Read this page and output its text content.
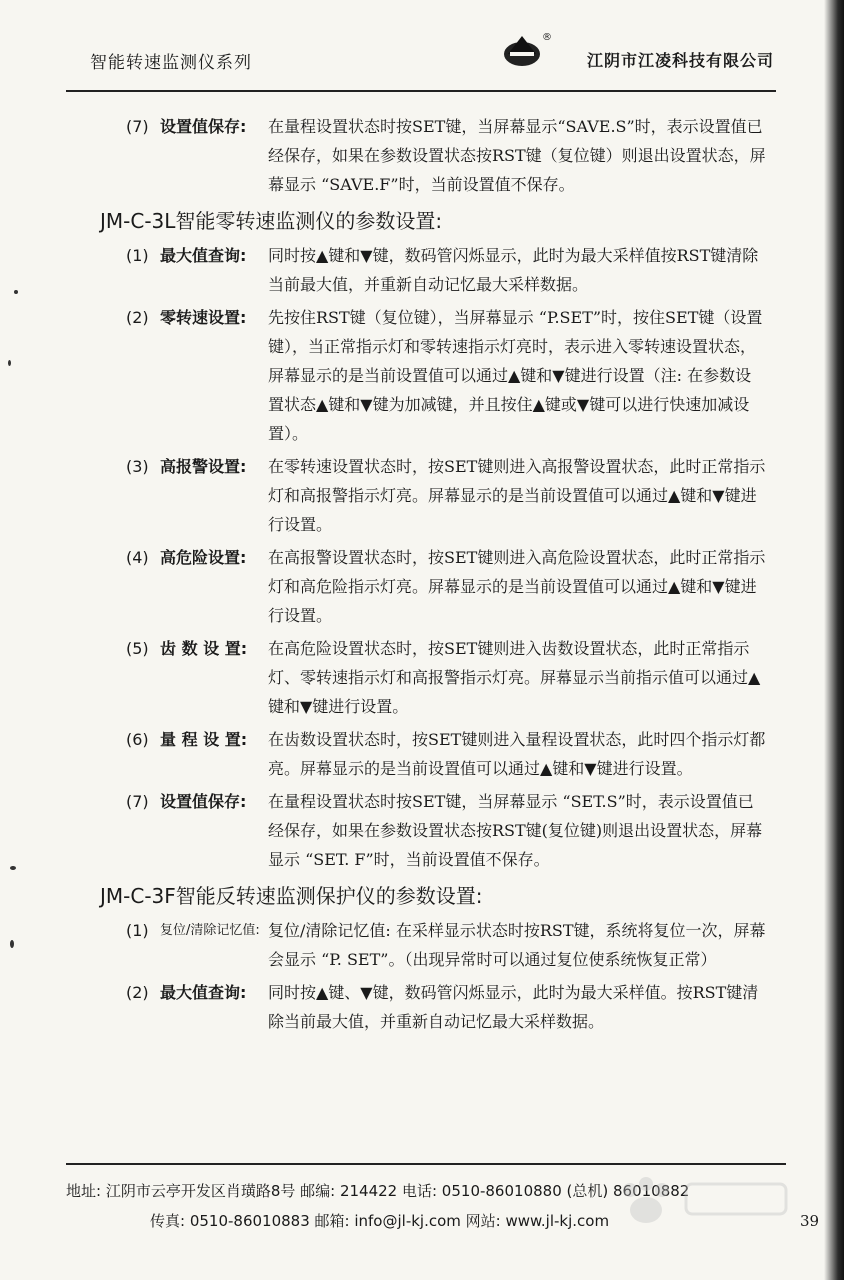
智能转速监测仪系列
®
江阴市江凌科技有限公司
(7) 设置值保存:	在量程设置状态时按SET键，当屏幕显示“SAVE.S”时，表示设置值已经保存，如果在参数设置状态按RST键（复位键）则退出设置状态，屏幕显示 “SAVE.F”时，当前设置值不保存。
JM-C-3L智能零转速监测仪的参数设置:
(1) 最大值查询:	同时按▲键和▼键，数码管闪烁显示，此时为最大采样值按RST键清除当前最大值，并重新自动记忆最大采样数据。
(2) 零转速设置:	先按住RST键（复位键），当屏幕显示 “P.SET”时，按住SET键（设置键），当正常指示灯和零转速指示灯亮时，表示进入零转速设置状态，屏幕显示的是当前设置值可以通过▲键和▼键进行设置（注: 在参数设置状态▲键和▼键为加减键，并且按住▲键或▼键可以进行快速加减设置）。
(3) 高报警设置:	在零转速设置状态时，按SET键则进入高报警设置状态，此时正常指示灯和高报警指示灯亮。屏幕显示的是当前设置值可以通过▲键和▼键进行设置。
(4) 高危险设置:	在高报警设置状态时，按SET键则进入高危险设置状态，此时正常指示灯和高危险指示灯亮。屏幕显示的是当前设置值可以通过▲键和▼键进行设置。
(5) 齿 数 设 置:	在高危险设置状态时，按SET键则进入齿数设置状态，此时正常指示灯、零转速指示灯和高报警指示灯亮。屏幕显示当前指示值可以通过▲键和▼键进行设置。
(6) 量 程 设 置:	在齿数设置状态时，按SET键则进入量程设置状态，此时四个指示灯都亮。屏幕显示的是当前设置值可以通过▲键和▼键进行设置。
(7) 设置值保存:	在量程设置状态时按SET键，当屏幕显示 “SET.S”时，表示设置值已经保存，如果在参数设置状态按RST键(复位键)则退出设置状态，屏幕显示 “SET. F”时，当前设置值不保存。
JM-C-3F智能反转速监测保护仪的参数设置:
(1) 复位/清除记忆值: 复位/清除记忆值: 在采样显示状态时按RST键，系统将复位一次，屏幕会显示 “P. SET”。（出现异常时可以通过复位使系统恢复正常）
(2) 最大值查询:	同时按▲键、▼键，数码管闪烁显示，此时为最大采样值。按RST键清除当前最大值，并重新自动记忆最大采样数据。
地址: 江阴市云亭开发区肖璜路8号 邮编: 214422 电话: 0510-86010880 (总机) 86010882
传真: 0510-86010883 邮箱: info@jl-kj.com 网站: www.jl-kj.com	39
